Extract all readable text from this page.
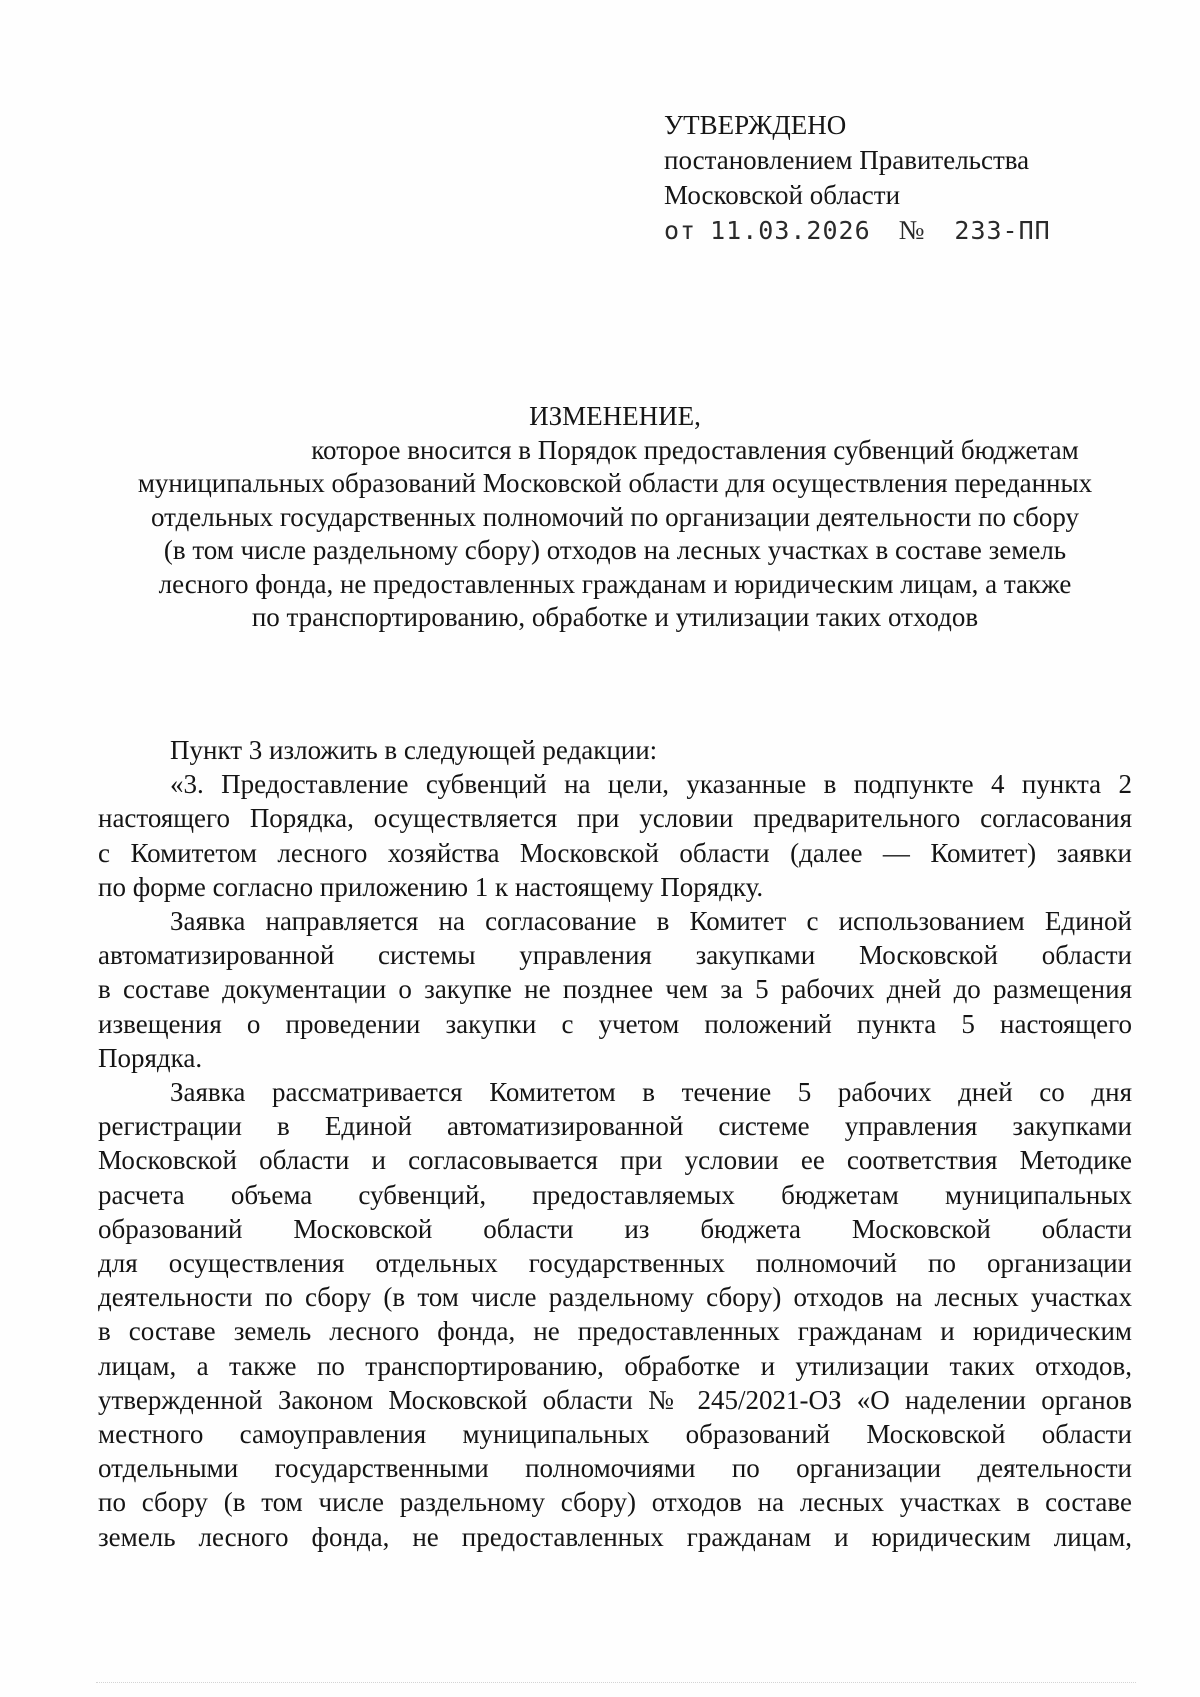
УТВЕРЖДЕНО
постановлением Правительства
Московской области
от 11.03.2026 № 233-ПП
ИЗМЕНЕНИЕ,
которое вносится в Порядок предоставления субвенций бюджетам
муниципальных образований Московской области для осуществления переданных
отдельных государственных полномочий по организации деятельности по сбору
(в том числе раздельному сбору) отходов на лесных участках в составе земель
лесного фонда, не предоставленных гражданам и юридическим лицам, а также
по транспортированию, обработке и утилизации таких отходов
Пункт 3 изложить в следующей редакции:
«3. Предоставление субвенций на цели, указанные в подпункте 4 пункта 2
настоящего Порядка, осуществляется при условии предварительного согласования
с Комитетом лесного хозяйства Московской области (далее — Комитет) заявки
по форме согласно приложению 1 к настоящему Порядку.
Заявка направляется на согласование в Комитет с использованием Единой
автоматизированной системы управления закупками Московской области
в составе документации о закупке не позднее чем за 5 рабочих дней до размещения
извещения о проведении закупки с учетом положений пункта 5 настоящего
Порядка.
Заявка рассматривается Комитетом в течение 5 рабочих дней со дня
регистрации в Единой автоматизированной системе управления закупками
Московской области и согласовывается при условии ее соответствия Методике
расчета объема субвенций, предоставляемых бюджетам муниципальных
образований Московской области из бюджета Московской области
для осуществления отдельных государственных полномочий по организации
деятельности по сбору (в том числе раздельному сбору) отходов на лесных участках
в составе земель лесного фонда, не предоставленных гражданам и юридическим
лицам, а также по транспортированию, обработке и утилизации таких отходов,
утвержденной Законом Московской области № 245/2021-ОЗ «О наделении органов
местного самоуправления муниципальных образований Московской области
отдельными государственными полномочиями по организации деятельности
по сбору (в том числе раздельному сбору) отходов на лесных участках в составе
земель лесного фонда, не предоставленных гражданам и юридическим лицам,
